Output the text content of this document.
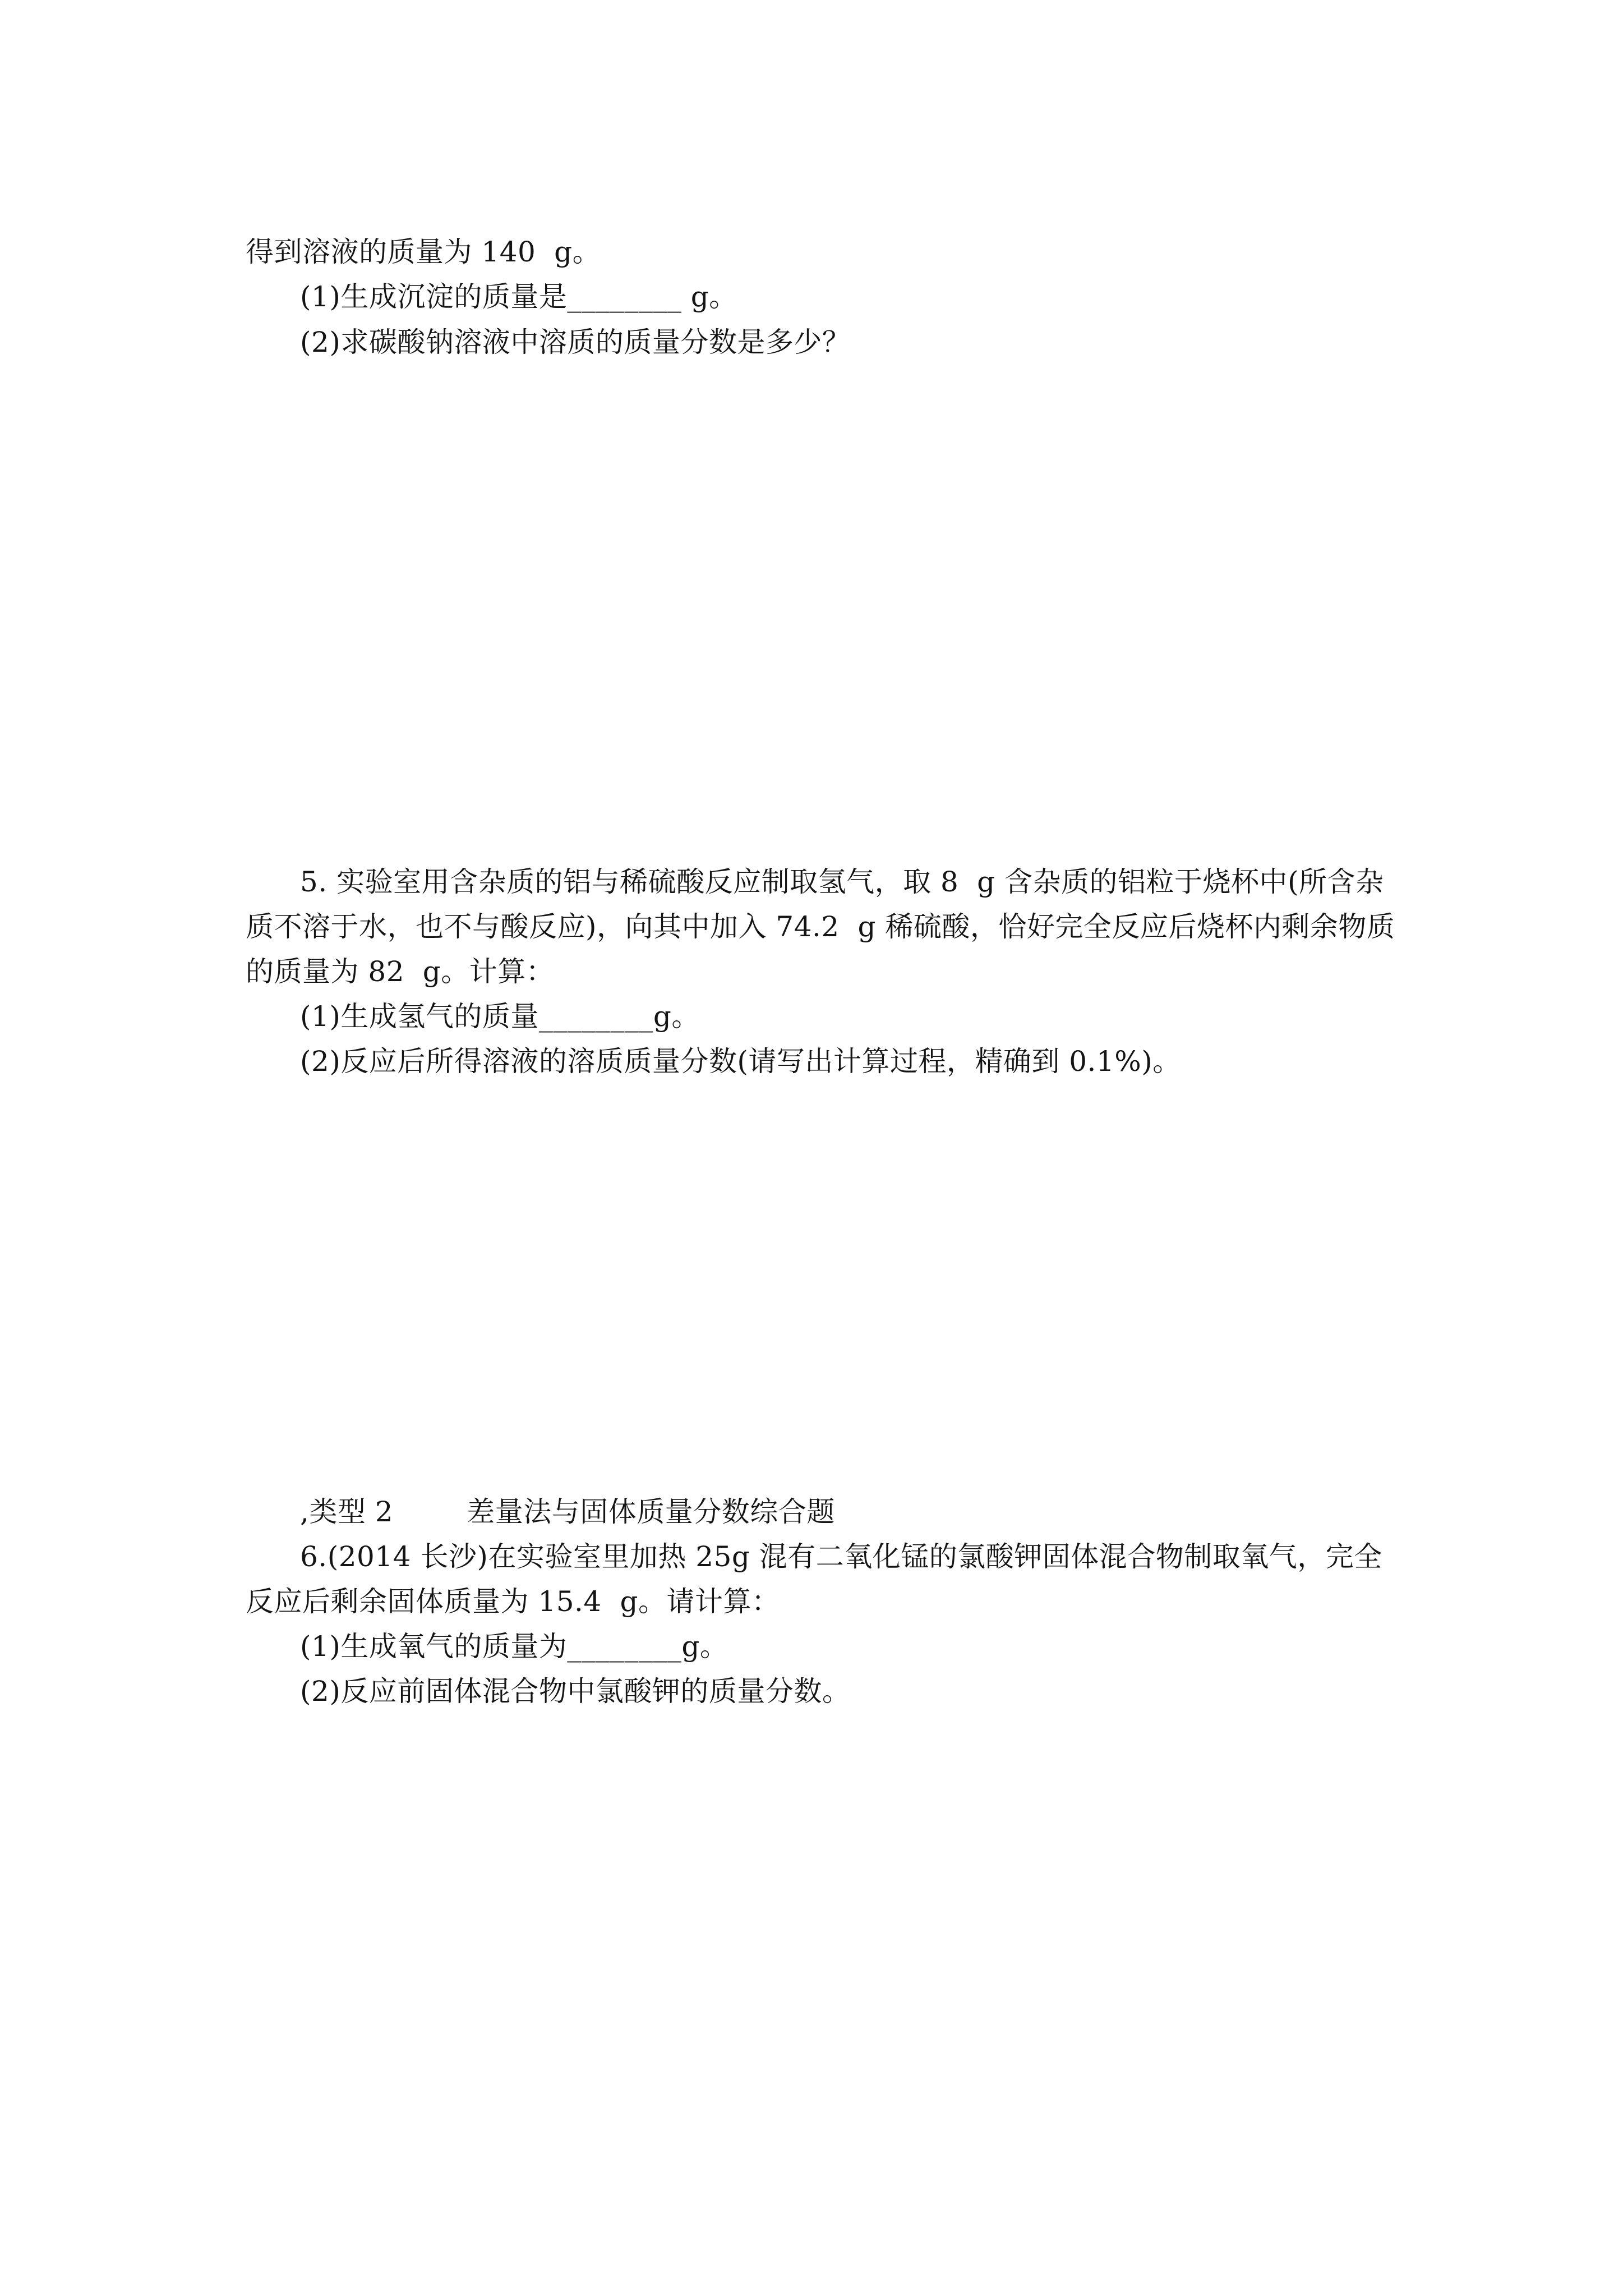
得到溶液的质量为 140  g。
(1)生成沉淀的质量是________ g。
(2)求碳酸钠溶液中溶质的质量分数是多少？
5. 实验室用含杂质的铝与稀硫酸反应制取氢气，取 8  g 含杂质的铝粒于烧杯中(所含杂
质不溶于水，也不与酸反应)，向其中加入 74.2  g 稀硫酸，恰好完全反应后烧杯内剩余物质
的质量为 82  g。计算：
(1)生成氢气的质量________g。
(2)反应后所得溶液的溶质质量分数(请写出计算过程，精确到 0.1%)。
,类型 2        差量法与固体质量分数综合题
6.(2014 长沙)在实验室里加热 25g 混有二氧化锰的氯酸钾固体混合物制取氧气，完全
反应后剩余固体质量为 15.4  g。请计算：
(1)生成氧气的质量为________g。
(2)反应前固体混合物中氯酸钾的质量分数。
